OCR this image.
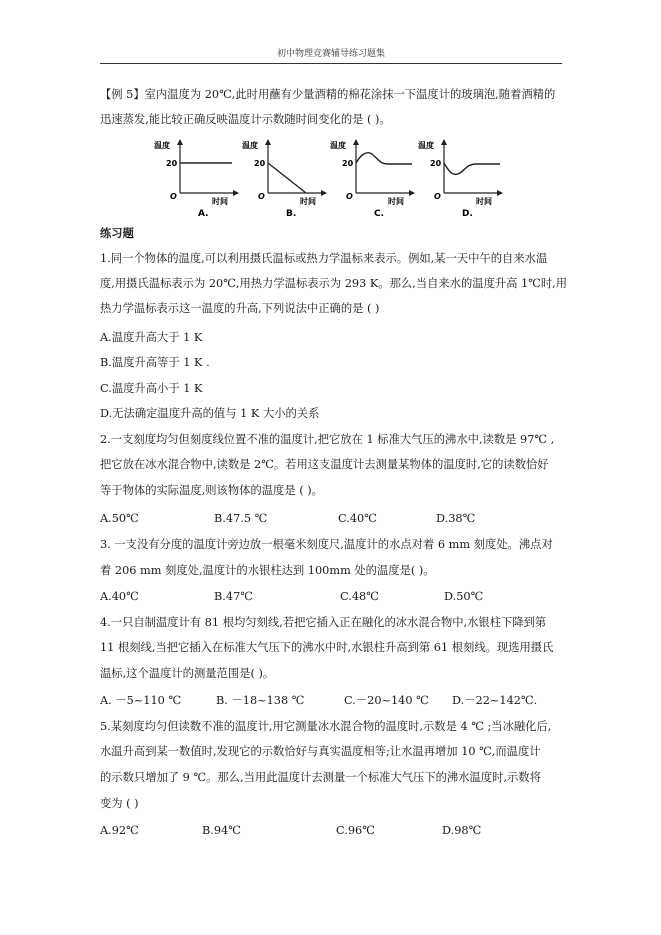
初中物理竞赛辅导练习题集
【例 5】室内温度为 20℃,此时用蘸有少量酒精的棉花涂抹一下温度计的玻璃泡,随着酒精的
迅速蒸发,能比较正确反映温度计示数随时间变化的是 ( )。
温度
20
O
时间
A.
温度
20
O
时间
B.
温度
20
O
时间
C.
温度
20
O
时间
D.
练习题
1.同一个物体的温度,可以利用摄氏温标或热力学温标来表示。例如,某一天中午的自来水温
度,用摄氏温标表示为 20℃,用热力学温标表示为 293 K。那么,当自来水的温度升高 1℃时,用
热力学温标表示这一温度的升高,下列说法中正确的是 ( )
A.温度升高大于 1 K
B.温度升高等于 1 K .
C.温度升高小于 1 K
D.无法确定温度升高的值与 1 K 大小的关系
2.一支刻度均匀但刻度线位置不准的温度计,把它放在 1 标准大气压的沸水中,读数是 97℃ ,
把它放在冰水混合物中,读数是 2℃。若用这支温度计去测量某物体的温度时,它的读数恰好
等于物体的实际温度,则该物体的温度是 ( )。
A.50℃	B.47.5 ℃	C.40℃	D.38℃
3. 一支没有分度的温度计旁边放一根毫米刻度尺,温度计的水点对着 6 mm 刻度处。沸点对
着 206 mm 刻度处,温度计的水银柱达到 100mm 处的温度是( )。
A.40℃	B.47℃	C.48℃	D.50℃
4.一只自制温度计有 81 根均匀刻线,若把它插入正在融化的冰水混合物中,水银柱下降到第
11 根刻线,当把它插入在标准大气压下的沸水中时,水银柱升高到第 61 根刻线。现选用摄氏
温标,这个温度计的测量范围是( )。
A. －5~110 ℃	B. －18~138 ℃	C.－20~140 ℃ D.－22~142℃.
5.某刻度均匀但读数不准的温度计,用它测量冰水混合物的温度时,示数是 4 ℃ ;当冰融化后,
水温升高到某一数值时,发现它的示数恰好与真实温度相等;让水温再增加 10 ℃,而温度计
的示数只增加了 9 ℃。那么,当用此温度计去测量一个标准大气压下的沸水温度时,示数将
变为 ( )
A.92℃	B.94℃	C.96℃	D.98℃
